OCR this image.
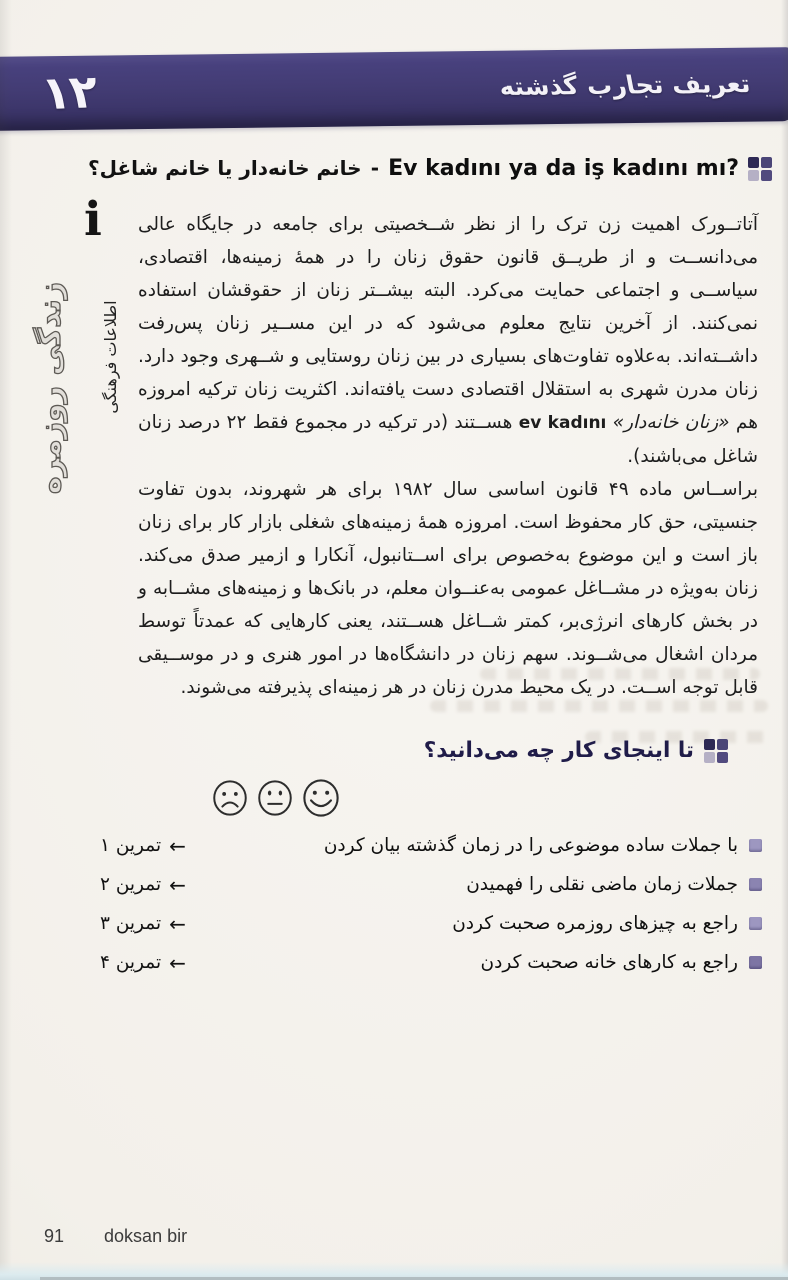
تعریف تجارب گذشته
۱۲
Ev kadını ya da iş kadını mı? - خانم خانه‌دار یا خانم شاغل؟
i
اطلاعات فرهنگی
زندگی روزمره

آتاتــورک اهمیت زن ترک را از نظر شــخصیتی برای جامعه در جایگاه عالی می‌دانســت و از طریــق قانون حقوق زنان را در همهٔ زمینه‌ها، اقتصادی، سیاســی و اجتماعی حمایت می‌کرد. البته بیشــتر زنان از حقوقشان استفاده نمی‌کنند. از آخرین نتایج معلوم می‌شود که در این مســیر زنان پس‌رفت داشــته‌اند. به‌علاوه تفاوت‌های بسیاری در بین زنان روستایی و شــهری وجود دارد. زنان مدرن شهری به استقلال اقتصادی دست یافته‌اند. اکثریت زنان ترکیه امروزه هم «زنان خانه‌دار» ev kadını هســتند (در ترکیه در مجموع فقط ۲۲ درصد زنان شاغل می‌باشند).

براســاس ماده ۴۹ قانون اساسی سال ۱۹۸۲ برای هر شهروند، بدون تفاوت جنسیتی، حق کار محفوظ است. امروزه همهٔ زمینه‌های شغلی بازار کار برای زنان باز است و این موضوع به‌خصوص برای اســتانبول، آنکارا و ازمیر صدق می‌کند. زنان به‌ویژه در مشــاغل عمومی به‌عنــوان معلم، در بانک‌ها و زمینه‌های مشــابه و در بخش کارهای انرژی‌بر، کمتر شــاغل هســتند، یعنی کارهایی که عمدتاً توسط مردان اشغال می‌شــوند. سهم زنان در دانشگاه‌ها در امور هنری و در موســیقی قابل توجه اســت. در یک محیط مدرن زنان در هر زمینه‌ای پذیرفته می‌شوند.

تا اینجای کار چه می‌دانید؟
با جملات ساده موضوعی را در زمان گذشته بیان کردن
←
تمرین ۱
جملات زمان ماضی نقلی را فهمیدن
←
تمرین ۲
راجع به چیزهای روزمره صحبت کردن
←
تمرین ۳
راجع به کارهای خانه صحبت کردن
←
تمرین ۴
91 doksan bir
